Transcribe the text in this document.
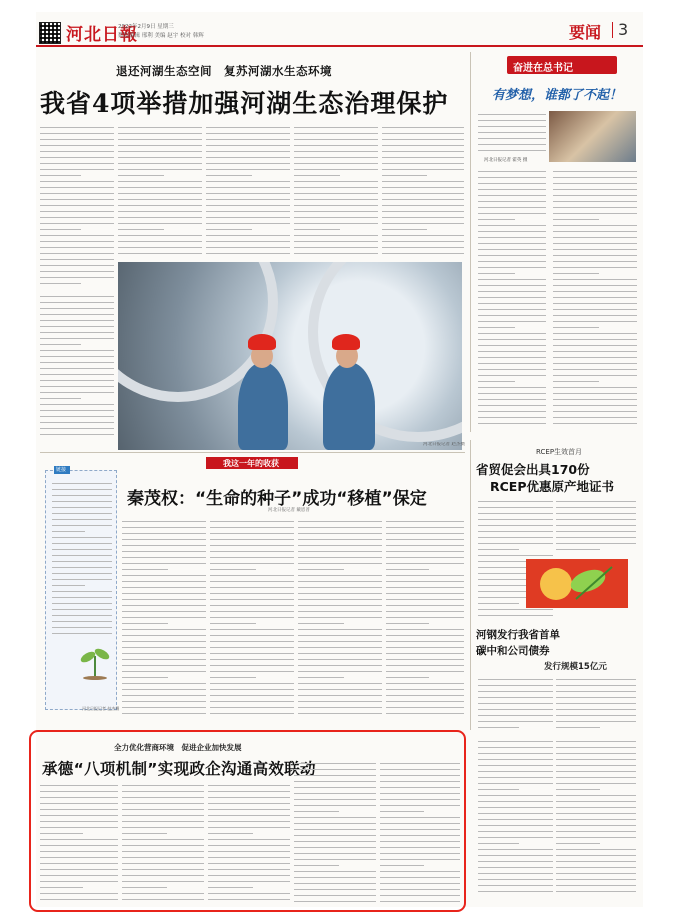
河北日報
2022年2月9日 星期三
数据编辑 邢利 美编 赵宇 校对 韩辉	要闻 3
退还河湖生态空间　复苏河湖水生态环境
我省4项举措加强河湖生态治理保护
河北日报记者 赵杰摄
奋进在总书记
有梦想，谁都了不起！
河北日报记者 霍英 摄
我这一年的收获
秦茂权：“生命的种子”成功“移植”保定
河北日报记者 戴恩普
链接
河北日报记者 赵杰摄
RCEP生效首月
省贸促会出具170份
RCEP优惠原产地证书
河钢发行我省首单
碳中和公司债券
发行规模15亿元
全力优化营商环境　促进企业加快发展
承德“八项机制”实现政企沟通高效联动
